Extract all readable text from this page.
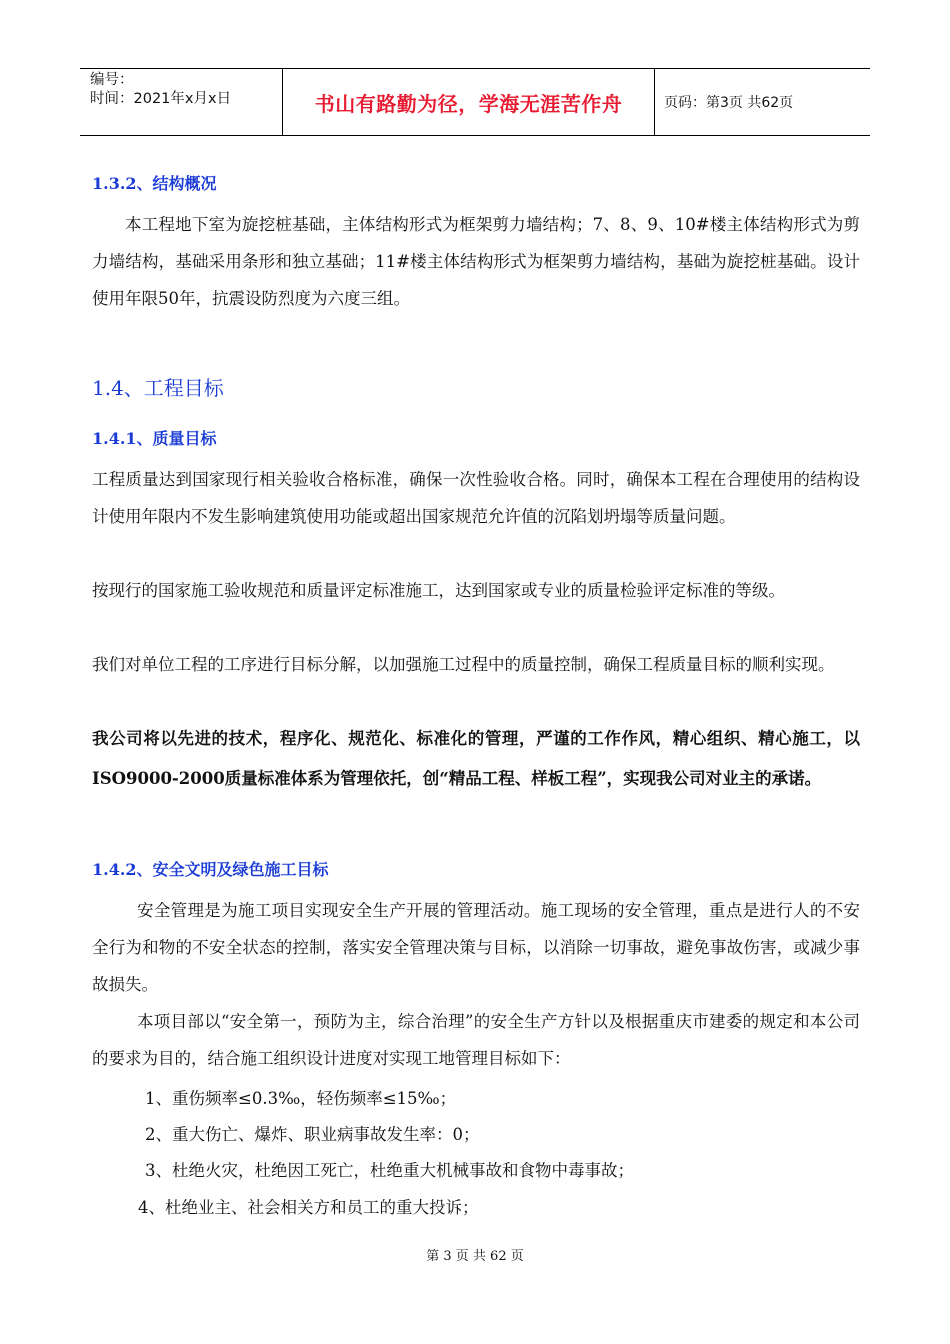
编号：
时间：2021年x月x日	书山有路勤为径，学海无涯苦作舟	页码：第3页 共62页
1.3.2、结构概况

本工程地下室为旋挖桩基础，主体结构形式为框架剪力墙结构；7、8、9、10#楼主体结构形式为剪力墙结构，基础采用条形和独立基础；11#楼主体结构形式为框架剪力墙结构，基础为旋挖桩基础。设计使用年限50年，抗震设防烈度为六度三组。

1.4、工程目标
1.4.1、质量目标

工程质量达到国家现行相关验收合格标准，确保一次性验收合格。同时，确保本工程在合理使用的结构设计使用年限内不发生影响建筑使用功能或超出国家规范允许值的沉陷划坍塌等质量问题。

按现行的国家施工验收规范和质量评定标准施工，达到国家或专业的质量检验评定标准的等级。

我们对单位工程的工序进行目标分解，以加强施工过程中的质量控制，确保工程质量目标的顺利实现。

我公司将以先进的技术，程序化、规范化、标准化的管理，严谨的工作作风，精心组织、精心施工，以ISO9000-2000质量标准体系为管理依托，创“精品工程、样板工程”，实现我公司对业主的承诺。

1.4.2、安全文明及绿色施工目标

安全管理是为施工项目实现安全生产开展的管理活动。施工现场的安全管理，重点是进行人的不安全行为和物的不安全状态的控制，落实安全管理决策与目标，以消除一切事故，避免事故伤害，或减少事故损失。

本项目部以“安全第一，预防为主，综合治理”的安全生产方针以及根据重庆市建委的规定和本公司的要求为目的，结合施工组织设计进度对实现工地管理目标如下：

1、重伤频率≤0.3‰，轻伤频率≤15‰；
2、重大伤亡、爆炸、职业病事故发生率：0；
3、杜绝火灾，杜绝因工死亡，杜绝重大机械事故和食物中毒事故；
4、杜绝业主、社会相关方和员工的重大投诉；
第 3 页 共 62 页
